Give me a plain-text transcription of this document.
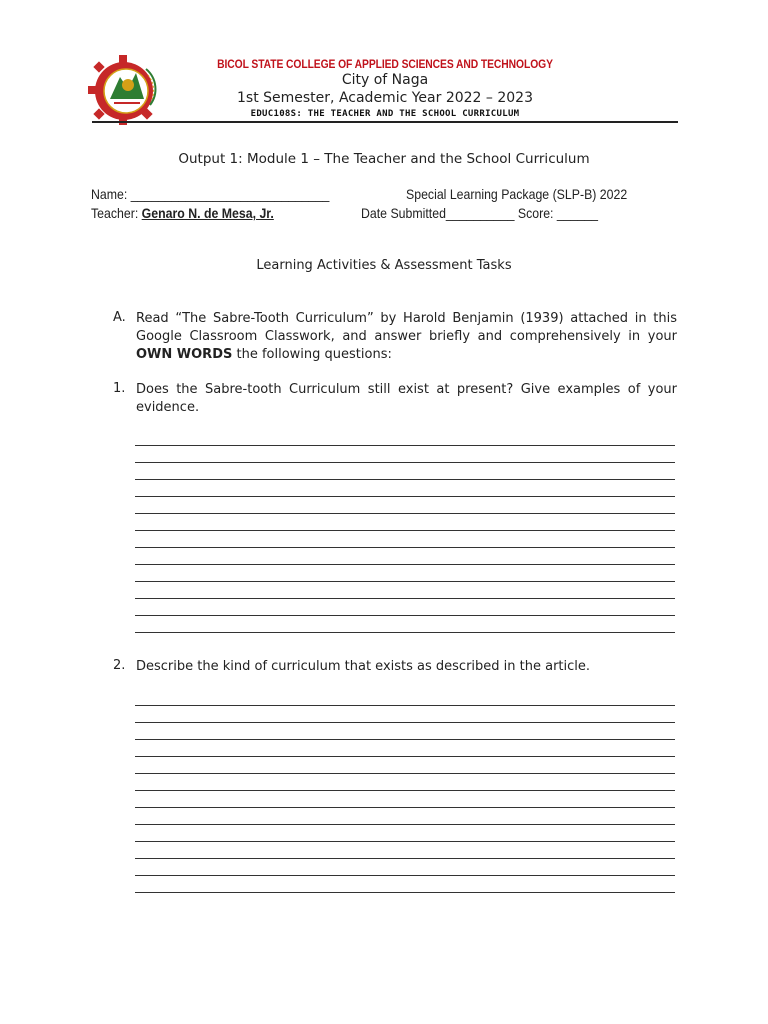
BICOL STATE COLLEGE OF APPLIED SCIENCES AND TECHNOLOGY
City of Naga
1st Semester, Academic Year 2022 – 2023
EDUC108S: THE TEACHER AND THE SCHOOL CURRICULUM
Output 1: Module 1 – The Teacher and the School Curriculum
Name: _____________________________	Special Learning Package (SLP-B) 2022
Teacher: Genaro N. de Mesa, Jr.	Date Submitted__________ Score: ______
Learning Activities & Assessment Tasks
A. Read “The Sabre-Tooth Curriculum” by Harold Benjamin (1939) attached in this Google Classroom Classwork, and answer briefly and comprehensively in your OWN WORDS the following questions:
1. Does the Sabre-tooth Curriculum still exist at present? Give examples of your evidence.
2. Describe the kind of curriculum that exists as described in the article.
